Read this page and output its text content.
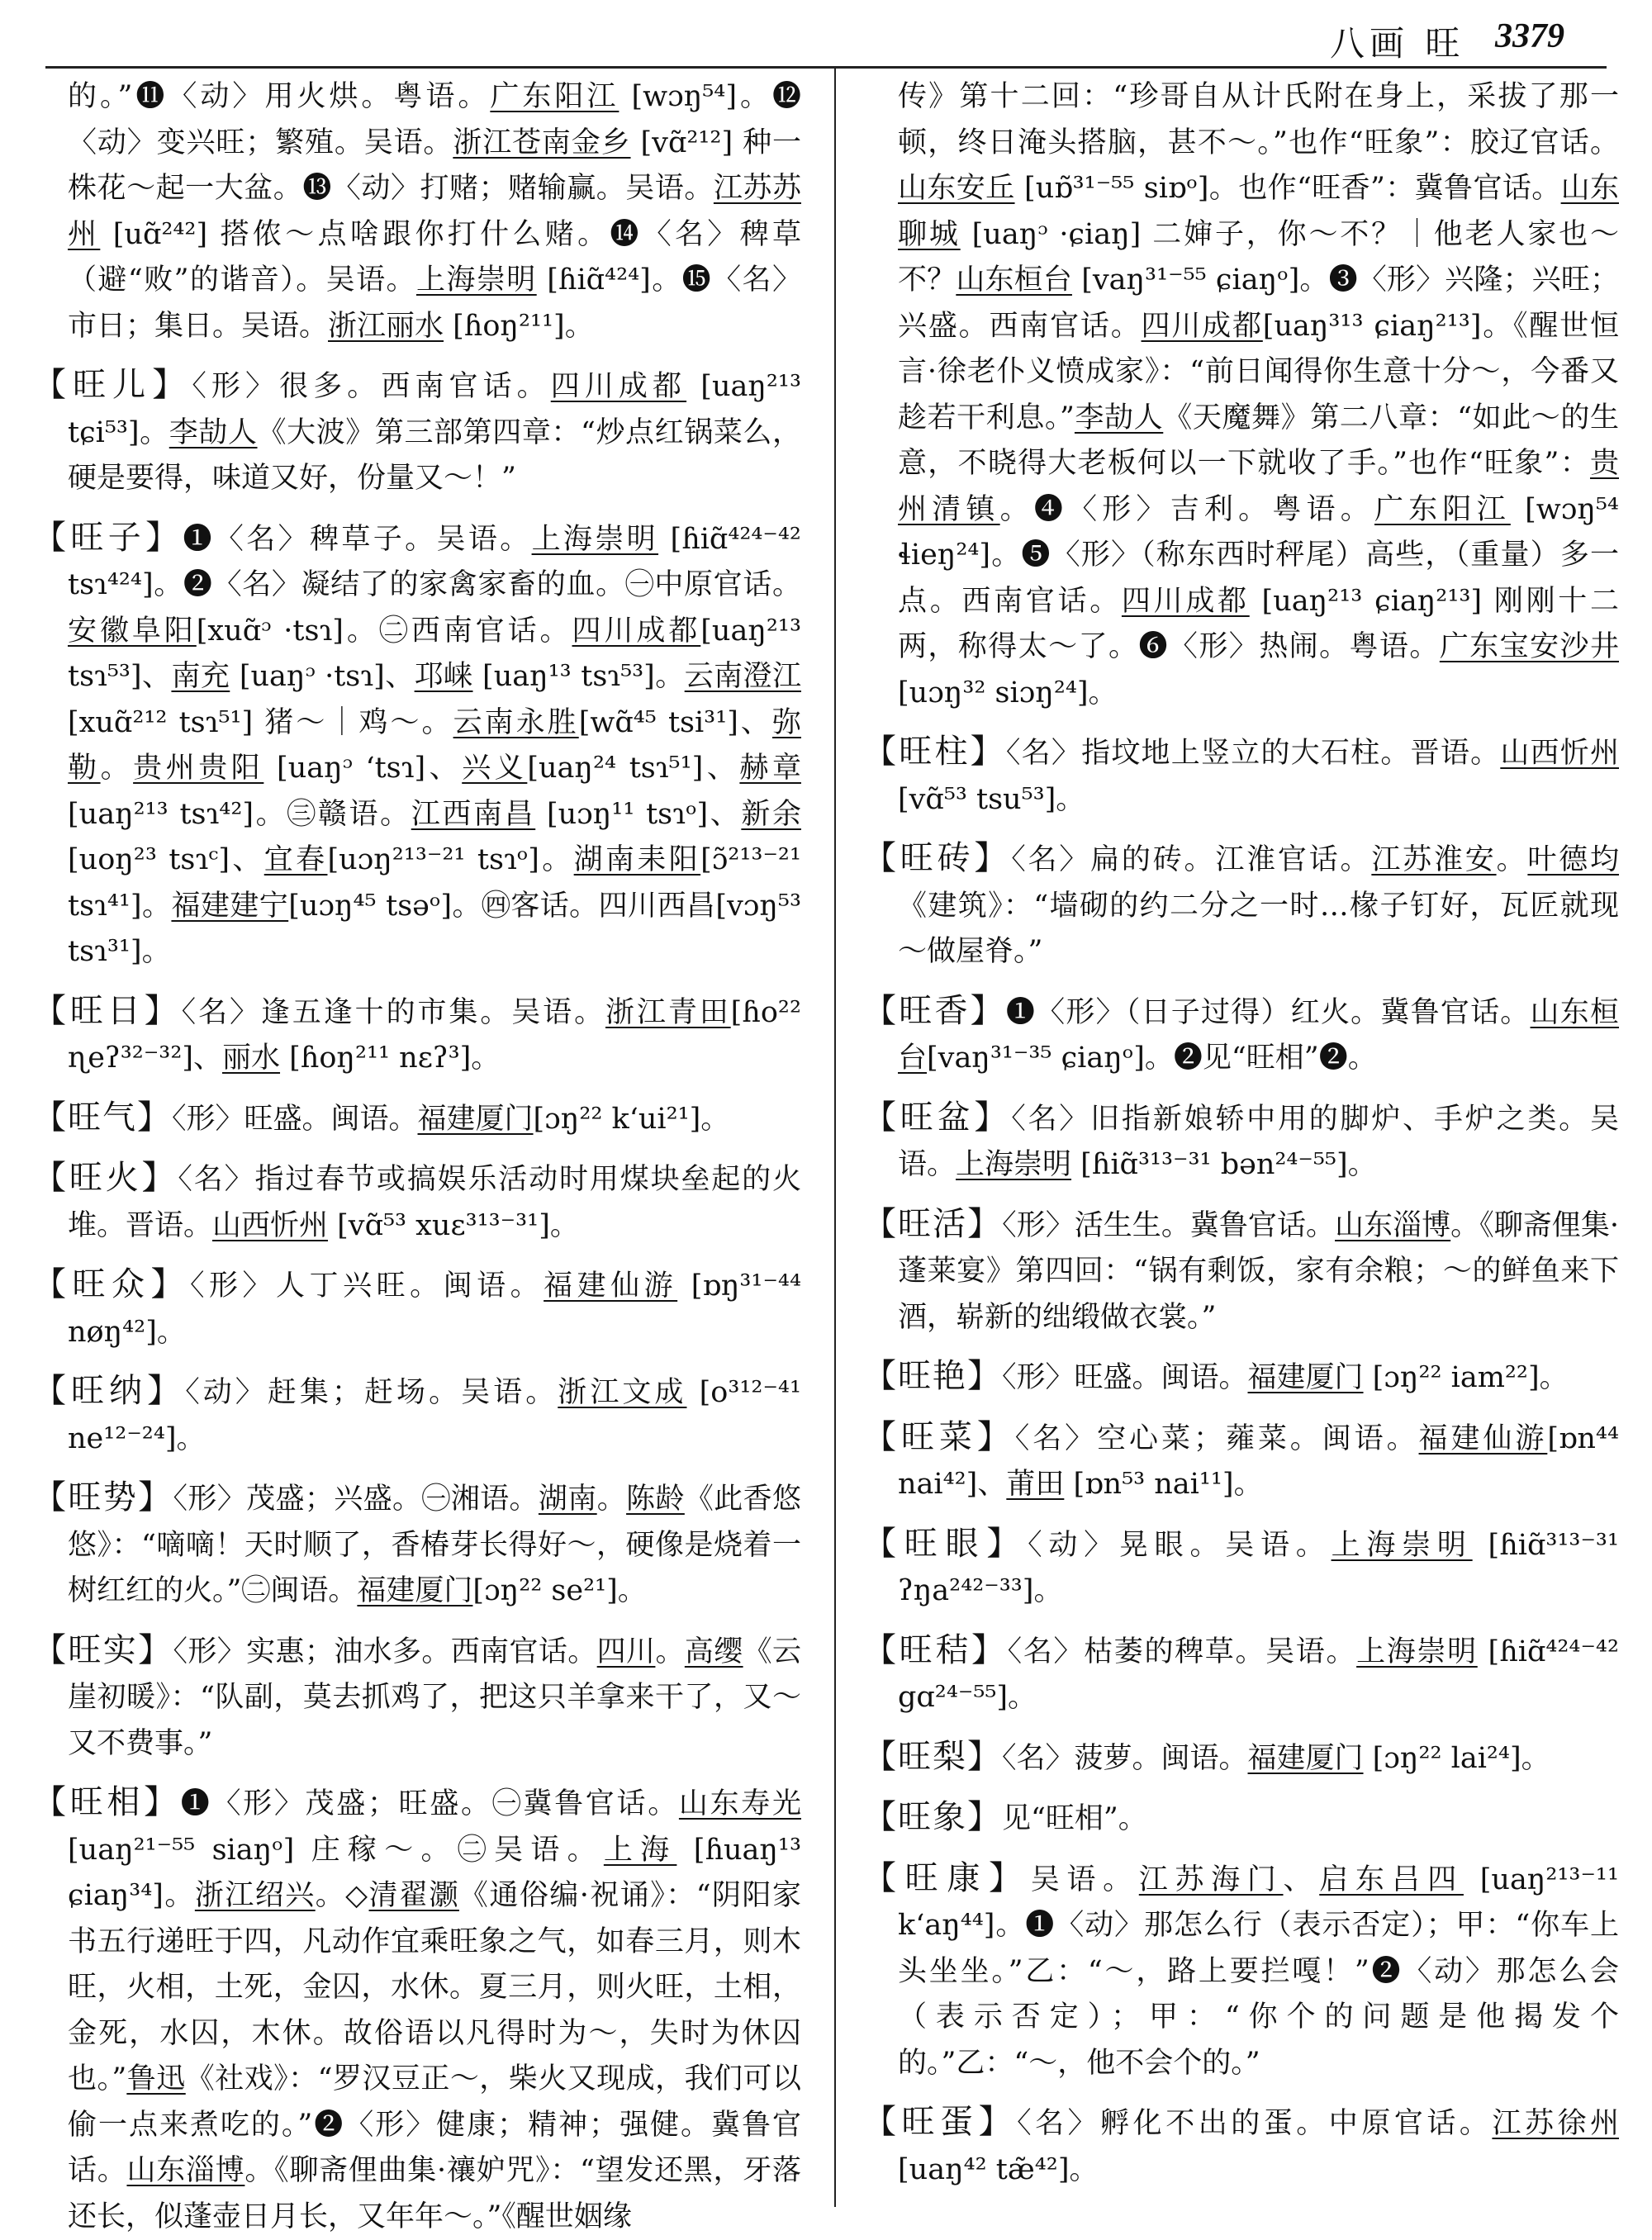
八画 旺 3379

的。”⓫〈动〉用火烘。粤语。广东阳江 [wɔŋ⁵⁴]。⓬〈动〉变兴旺；繁殖。吴语。浙江苍南金乡 [vɑ̃²¹²] 种一株花～起一大盆。⓭〈动〉打赌；赌输赢。吴语。江苏苏州 [uɑ̃²⁴²] 搭侬～点啥跟你打什么赌。⓮〈名〉稗草（避“败”的谐音）。吴语。上海崇明 [ɦiɑ̃⁴²⁴]。⓯〈名〉市日；集日。吴语。浙江丽水 [ɦoŋ²¹¹]。

【旺儿】〈形〉很多。西南官话。四川成都 [uaŋ²¹³ tɕi⁵³]。李劼人《大波》第三部第四章：“炒点红锅菜么，硬是要得，味道又好，份量又～！”

【旺子】❶〈名〉稗草子。吴语。上海崇明 [ɦiɑ̃⁴²⁴⁻⁴² tsɿ⁴²⁴]。❷〈名〉凝结了的家禽家畜的血。㊀中原官话。安徽阜阳[xuɑ̃ᵓ ·tsɿ]。㊁西南官话。四川成都[uaŋ²¹³ tsɿ⁵³]、南充 [uaŋᵓ ·tsɿ]、邛崃 [uaŋ¹³ tsɿ⁵³]。云南澄江 [xuɑ̃²¹² tsɿ⁵¹] 猪～｜鸡～。云南永胜[wɑ̃⁴⁵ tsi³¹]、弥勒。贵州贵阳 [uaŋᵓ ʻtsɿ]、兴义[uaŋ²⁴ tsɿ⁵¹]、赫章[uaŋ²¹³ tsɿ⁴²]。㊂赣语。江西南昌 [uɔŋ¹¹ tsɿᵒ]、新余 [uoŋ²³ tsɿᶜ]、宜春[uɔŋ²¹³⁻²¹ tsɿᵒ]。湖南耒阳[ɔ̃²¹³⁻²¹ tsɿ⁴¹]。福建建宁[uɔŋ⁴⁵ tsəᵒ]。㊃客话。四川西昌[vɔŋ⁵³ tsɿ³¹]。

【旺日】〈名〉逢五逢十的市集。吴语。浙江青田[ɦo²² ɳeʔ³²⁻³²]、丽水 [ɦoŋ²¹¹ nɛʔ³]。

【旺气】〈形〉旺盛。闽语。福建厦门[ɔŋ²² kʻui²¹]。

【旺火】〈名〉指过春节或搞娱乐活动时用煤块垒起的火堆。晋语。山西忻州 [vɑ̃⁵³ xuɛ³¹³⁻³¹]。

【旺众】〈形〉人丁兴旺。闽语。福建仙游 [ɒŋ³¹⁻⁴⁴ nøŋ⁴²]。

【旺纳】〈动〉赶集；赶场。吴语。浙江文成 [o³¹²⁻⁴¹ ne¹²⁻²⁴]。

【旺势】〈形〉茂盛；兴盛。㊀湘语。湖南。陈龄《此香悠悠》：“嘀嘀！天时顺了，香椿芽长得好～，硬像是烧着一树红红的火。”㊁闽语。福建厦门[ɔŋ²² se²¹]。

【旺实】〈形〉实惠；油水多。西南官话。四川。高缨《云崖初暖》：“队副，莫去抓鸡了，把这只羊拿来干了，又～又不费事。”

【旺相】❶〈形〉茂盛；旺盛。㊀冀鲁官话。山东寿光[uaŋ²¹⁻⁵⁵ siaŋᵒ] 庄稼～。㊁吴语。上海 [ɦuaŋ¹³ ɕiaŋ³⁴]。浙江绍兴。◇清翟灏《通俗编·祝诵》：“阴阳家书五行递旺于四，凡动作宜乘旺象之气，如春三月，则木旺，火相，土死，金囚，水休。夏三月，则火旺，土相，金死，水囚，木休。故俗语以凡得时为～，失时为休囚也。”鲁迅《社戏》：“罗汉豆正～，柴火又现成，我们可以偷一点来煮吃的。”❷〈形〉健康；精神；强健。冀鲁官话。山东淄博。《聊斋俚曲集·禳妒咒》：“望发还黑，牙落还长，似蓬壶日月长，又年年～。”《醒世姻缘

传》第十二回：“珍哥自从计氏附在身上，采拔了那一顿，终日淹头搭脑，甚不～。”也作“旺象”：胶辽官话。山东安丘 [uɒ̃³¹⁻⁵⁵ siɒᵒ]。也作“旺香”：冀鲁官话。山东聊城 [uaŋᵓ ·ɕiaŋ] 二婶子，你～不？｜他老人家也～不？山东桓台 [vaŋ³¹⁻⁵⁵ ɕiaŋᵒ]。❸〈形〉兴隆；兴旺；兴盛。西南官话。四川成都[uaŋ³¹³ ɕiaŋ²¹³]。《醒世恒言·徐老仆义愤成家》：“前日闻得你生意十分～，今番又趁若干利息。”李劼人《天魔舞》第二八章：“如此～的生意，不晓得大老板何以一下就收了手。”也作“旺象”：贵州清镇。❹〈形〉吉利。粤语。广东阳江 [wɔŋ⁵⁴ ɬieŋ²⁴]。❺〈形〉（称东西时秤尾）高些，（重量）多一点。西南官话。四川成都 [uaŋ²¹³ ɕiaŋ²¹³] 刚刚十二两，称得太～了。❻〈形〉热闹。粤语。广东宝安沙井 [uɔŋ³² siɔŋ²⁴]。

【旺柱】〈名〉指坟地上竖立的大石柱。晋语。山西忻州 [vɑ̃⁵³ tsu⁵³]。

【旺砖】〈名〉扁的砖。江淮官话。江苏淮安。叶德均《建筑》：“墙砌的约二分之一时…椽子钉好，瓦匠就现～做屋脊。”

【旺香】❶〈形〉（日子过得）红火。冀鲁官话。山东桓台[vaŋ³¹⁻³⁵ ɕiaŋᵒ]。❷见“旺相”❷。

【旺盆】〈名〉旧指新娘轿中用的脚炉、手炉之类。吴语。上海崇明 [ɦiɑ̃³¹³⁻³¹ bən²⁴⁻⁵⁵]。

【旺活】〈形〉活生生。冀鲁官话。山东淄博。《聊斋俚集·蓬莱宴》第四回：“锅有剩饭，家有余粮；～的鲜鱼来下酒，崭新的绌缎做衣裳。”

【旺艳】〈形〉旺盛。闽语。福建厦门 [ɔŋ²² iam²²]。

【旺菜】〈名〉空心菜；蕹菜。闽语。福建仙游[ɒn⁴⁴ nai⁴²]、莆田 [ɒn⁵³ nai¹¹]。

【旺眼】〈动〉晃眼。吴语。上海崇明 [ɦiɑ̃³¹³⁻³¹ ʔŋa²⁴²⁻³³]。

【旺秸】〈名〉枯萎的稗草。吴语。上海崇明 [ɦiɑ̃⁴²⁴⁻⁴² gɑ²⁴⁻⁵⁵]。

【旺梨】〈名〉菠萝。闽语。福建厦门 [ɔŋ²² lai²⁴]。

【旺象】见“旺相”。

【旺康】吴语。江苏海门、启东吕四 [uaŋ²¹³⁻¹¹ kʻaŋ⁴⁴]。❶〈动〉那怎么行（表示否定）；甲：“你车上头坐坐。”乙：“～，路上要拦嘎！”❷〈动〉那怎么会（表示否定）；甲：“你个的问题是他揭发个的。”乙：“～，他不会个的。”

【旺蛋】〈名〉孵化不出的蛋。中原官话。江苏徐州 [uaŋ⁴² tæ̃⁴²]。
